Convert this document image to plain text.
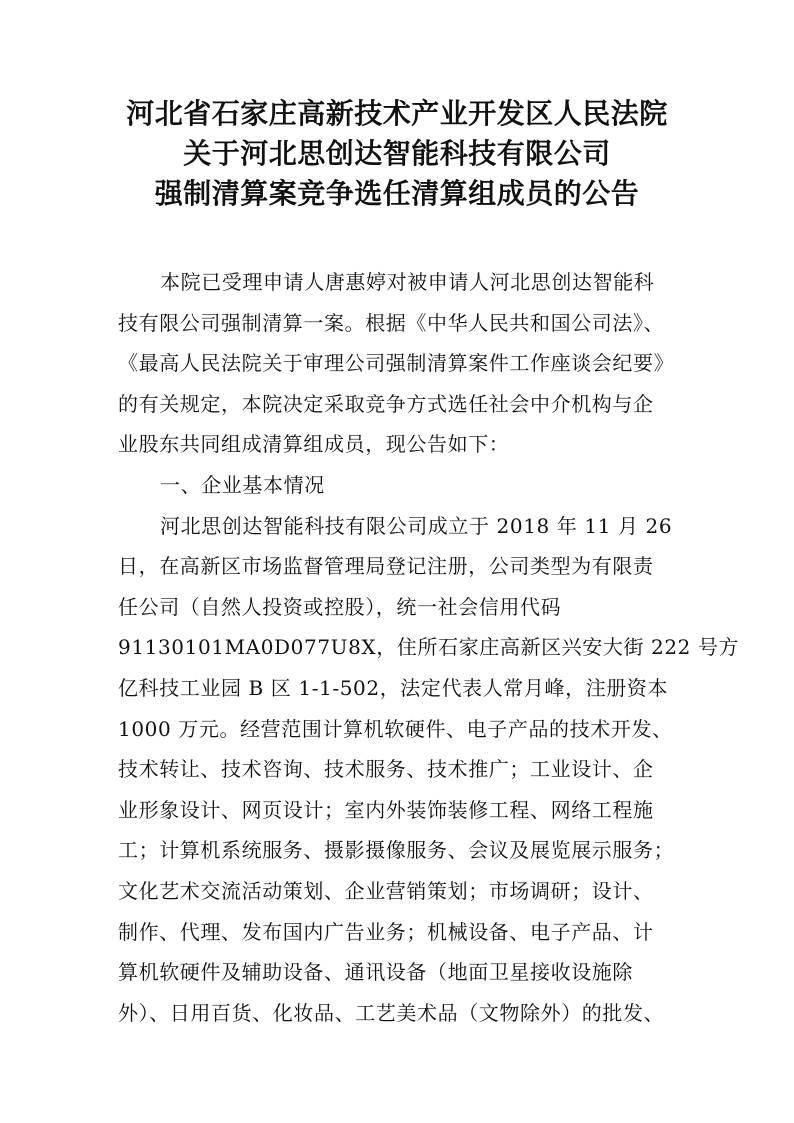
河北省石家庄高新技术产业开发区人民法院
关于河北思创达智能科技有限公司
强制清算案竞争选任清算组成员的公告
本院已受理申请人唐惠婷对被申请人河北思创达智能科
技有限公司强制清算一案。根据《中华人民共和国公司法》、
《最高人民法院关于审理公司强制清算案件工作座谈会纪要》
的有关规定，本院决定采取竞争方式选任社会中介机构与企
业股东共同组成清算组成员，现公告如下：
一、企业基本情况
河北思创达智能科技有限公司成立于 2018 年 11 月 26
日，在高新区市场监督管理局登记注册，公司类型为有限责
任公司（自然人投资或控股），统一社会信用代码
91130101MA0D077U8X，住所石家庄高新区兴安大街 222 号方
亿科技工业园 B 区 1-1-502，法定代表人常月峰，注册资本
1000 万元。经营范围计算机软硬件、电子产品的技术开发、
技术转让、技术咨询、技术服务、技术推广；工业设计、企
业形象设计、网页设计；室内外装饰装修工程、网络工程施
工；计算机系统服务、摄影摄像服务、会议及展览展示服务；
文化艺术交流活动策划、企业营销策划；市场调研；设计、
制作、代理、发布国内广告业务；机械设备、电子产品、计
算机软硬件及辅助设备、通讯设备（地面卫星接收设施除
外）、日用百货、化妆品、工艺美术品（文物除外）的批发、
